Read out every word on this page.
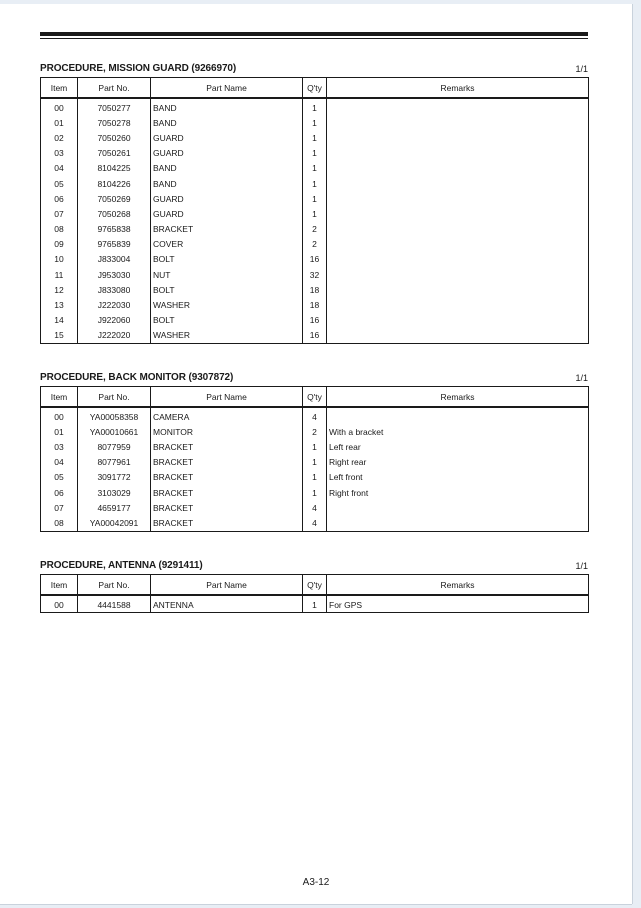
PROCEDURE, MISSION GUARD (9266970)	1/1
Item	Part No.	Part Name	Q'ty	Remarks
00	7050277	BAND	1	
01	7050278	BAND	1	
02	7050260	GUARD	1	
03	7050261	GUARD	1	
04	8104225	BAND	1	
05	8104226	BAND	1	
06	7050269	GUARD	1	
07	7050268	GUARD	1	
08	9765838	BRACKET	2	
09	9765839	COVER	2	
10	J833004	BOLT	16	
11	J953030	NUT	32	
12	J833080	BOLT	18	
13	J222030	WASHER	18	
14	J922060	BOLT	16	
15	J222020	WASHER	16	
PROCEDURE, BACK MONITOR (9307872)	1/1
Item	Part No.	Part Name	Q'ty	Remarks
00	YA00058358	CAMERA	4	
01	YA00010661	MONITOR	2	With a bracket
03	8077959	BRACKET	1	Left rear
04	8077961	BRACKET	1	Right rear
05	3091772	BRACKET	1	Left front
06	3103029	BRACKET	1	Right front
07	4659177	BRACKET	4	
08	YA00042091	BRACKET	4	
PROCEDURE, ANTENNA (9291411)	1/1
Item	Part No.	Part Name	Q'ty	Remarks
00	4441588	ANTENNA	1	For GPS
A3-12
